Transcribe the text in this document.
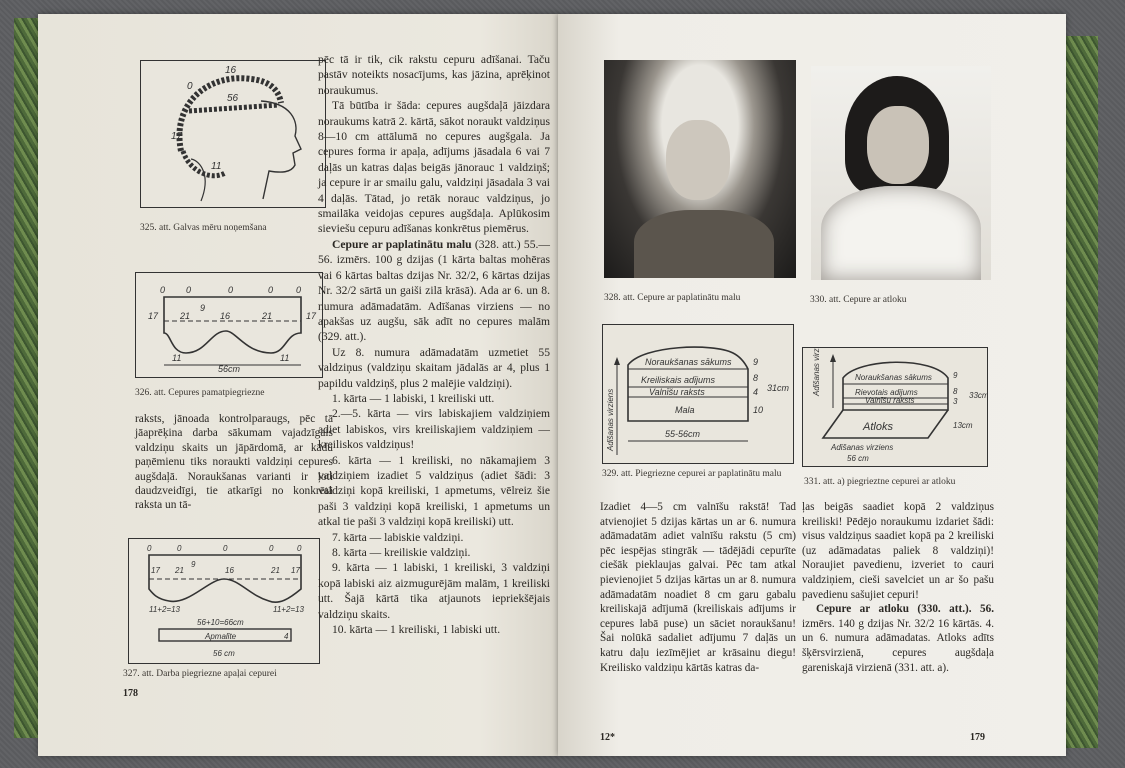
16
0
56
17
11
325. att. Galvas mēru noņemšana
0 0	0	0	0
17 21
9
16	21	17
11	11
56cm
326. att. Cepures pamatpiegriezne
raksts, jānoada kontrolparaugs, pēc tā jāaprēķina darba sākumam vajadzīgais valdziņu skaits un jāpārdomā, ar kādu paņēmienu tiks noraukti valdziņi cepures augšdaļā. Noraukšanas varianti ir ļoti daudzveidīgi, tie atkarīgi no konkrētā raksta un tā-
0	0	0	0	0
17 21
9
16	21 17
11+2=13	11+2=13
56+10=66cm
Apmalīte	4
56 cm
327. att. Darba piegriezne apaļai cepurei
178

pēc tā ir tik, cik rakstu cepuru adīšanai. Taču pastāv noteikts nosacījums, kas jāzina, aprēķinot noraukumus.

Tā būtība ir šāda: cepures augšdaļā jāizdara noraukums katrā 2. kārtā, sākot noraukt valdziņus 8—10 cm attālumā no cepures augšgala. Ja cepures forma ir apaļa, adījums jāsadala 6 vai 7 daļās un katras daļas beigās jānorauc 1 valdziņš; ja cepure ir ar smailu galu, valdziņi jāsadala 3 vai 4 daļās. Tātad, jo retāk norauc valdziņus, jo smailāka veidojas cepures augšdaļa. Aplūkosim sieviešu cepuru adīšanas konkrētus piemērus.

Cepure ar paplatinātu malu (328. att.) 55.—56. izmērs. 100 g dzijas (1 kārta baltas mohēras vai 6 kārtas baltas dzijas Nr. 32/2, 6 kārtas dzijas Nr. 32/2 sārtā un gaiši zilā krāsā). Ada ar 6. un 8. numura adāmadatām. Adīšanas virziens — no apakšas uz augšu, sāk adīt no cepures malām (329. att.).

Uz 8. numura adāmadatām uzmetiet 55 valdziņus (valdziņu skaitam jādalās ar 4, plus 1 papildu valdziņš, plus 2 malējie valdziņi).

1. kārta — 1 labiski, 1 kreiliski utt.

2.—5. kārta — virs labiskajiem valdziņiem adiet labiskos, virs kreiliskajiem valdziņiem — kreiliskos valdziņus!

6. kārta — 1 kreiliski, no nākamajiem 3 valdziņiem izadiet 5 valdziņus (adiet šādi: 3 valdziņi kopā kreiliski, 1 apmetums, vēlreiz šie paši 3 valdziņi kopā kreiliski, 1 apmetums un atkal tie paši 3 valdziņi kopā kreiliski) utt.

7. kārta — labiskie valdziņi.

8. kārta — kreiliskie valdziņi.

9. kārta — 1 labiski, 1 kreiliski, 3 valdziņi kopā labiski aiz aizmugurējām malām, 1 kreiliski utt. Šajā kārtā tika atjaunots iepriekšējais valdziņu skaits.

10. kārta — 1 kreiliski, 1 labiski utt.

328. att. Cepure ar paplatinātu malu	330. att. Cepure ar atloku
Noraukšanas sākums
Kreiliskais adījums
Valnīšu raksts
Mala
9
8
4
10
31cm
55-56cm
Adīšanas virziens
329. att. Piegriezne cepurei ar paplatinātu malu
Noraukšanas sākums
Rievotais adījums
Valnīšu raksts
Atloks
9
8
3
13cm
33cm
Adīšanas virziens
Adīšanas virziens
56 cm
331. att. a) piegrieztne cepurei ar atloku
Izadiet 4—5 cm valnīšu rakstā! Tad atvienojiet 5 dzijas kārtas un ar 6. numura adāmadatām adiet valnīšu rakstu (5 cm) pēc iespējas stingrāk — tādējādi cepurīte ciešāk pieklaujas galvai. Pēc tam atkal pievienojiet 5 dzijas kārtas un ar 8. numura adāmadatām noadiet 8 cm garu gabalu kreiliskajā adījumā (kreiliskais adījums ir cepures labā puse) un sāciet noraukšanu! Šai nolūkā sadaliet adījumu 7 daļās un katru daļu iezīmējiet ar krāsainu diegu! Kreilisko valdziņu kārtās katras da-

ļas beigās saadiet kopā 2 valdziņus kreiliski! Pēdējo noraukumu izdariet šādi: visus valdziņus saadiet kopā pa 2 kreiliski (uz adāmadatas paliek 8 valdziņi)! Noraujiet pavedienu, izveriet to cauri valdziņiem, cieši savelciet un ar šo pašu pavedienu sašujiet cepuri!

Cepure ar atloku (330. att.). 56. izmērs. 140 g dzijas Nr. 32/2 16 kārtās. 4. un 6. numura adāmadatas. Atloks adīts šķērsvirzienā, cepures augšdaļa gareniskajā virzienā (331. att. a).

12*	179
